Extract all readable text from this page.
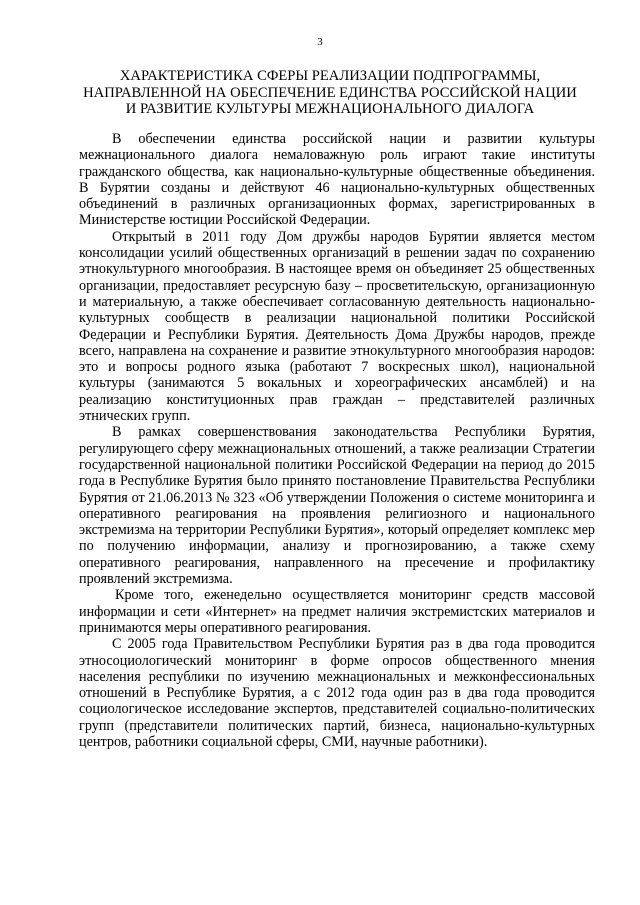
3
ХАРАКТЕРИСТИКА СФЕРЫ РЕАЛИЗАЦИИ ПОДПРОГРАММЫ,
НАПРАВЛЕННОЙ НА ОБЕСПЕЧЕНИЕ ЕДИНСТВА РОССИЙСКОЙ НАЦИИ
И РАЗВИТИЕ КУЛЬТУРЫ МЕЖНАЦИОНАЛЬНОГО ДИАЛОГА

В обеспечении единства российской нации и развитии культуры межнационального диалога немаловажную роль играют такие институты гражданского общества, как национально-культурные общественные объединения. В Бурятии созданы и действуют 46 национально-культурных общественных объединений в различных организационных формах, зарегистрированных в Министерстве юстиции Российской Федерации.

Открытый в 2011 году Дом дружбы народов Бурятии является местом консолидации усилий общественных организаций в решении задач по сохранению этнокультурного многообразия. В настоящее время он объединяет 25 общественных организации, предоставляет ресурсную базу – просветительскую, организационную и материальную, а также обеспечивает согласованную деятельность национально-культурных сообществ в реализации национальной политики Российской Федерации и Республики Бурятия. Деятельность Дома Дружбы народов, прежде всего, направлена на сохранение и развитие этнокультурного многообразия народов: это и вопросы родного языка (работают 7 воскресных школ), национальной культуры (занимаются 5 вокальных и хореографических ансамблей) и на реализацию конституционных прав граждан – представителей различных этнических групп.

В рамках совершенствования законодательства Республики Бурятия, регулирующего сферу межнациональных отношений, а также реализации Стратегии государственной национальной политики Российской Федерации на период до 2015 года в Республике Бурятия было принято постановление Правительства Республики Бурятия от 21.06.2013 № 323 «Об утверждении Положения о системе мониторинга и оперативного реагирования на проявления религиозного и национального экстремизма на территории Республики Бурятия», который определяет комплекс мер по получению информации, анализу и прогнозированию, а также схему оперативного реагирования, направленного на пресечение и профилактику проявлений экстремизма.

Кроме того, еженедельно осуществляется мониторинг средств массовой информации и сети «Интернет» на предмет наличия экстремистских материалов и принимаются меры оперативного реагирования.

С 2005 года Правительством Республики Бурятия раз в два года проводится этносоциологический мониторинг в форме опросов общественного мнения населения республики по изучению межнациональных и межконфессиональных отношений в Республике Бурятия, а с 2012 года один раз в два года проводится социологическое исследование экспертов, представителей социально-политических групп (представители политических партий, бизнеса, национально-культурных центров, работники социальной сферы, СМИ, научные работники).
